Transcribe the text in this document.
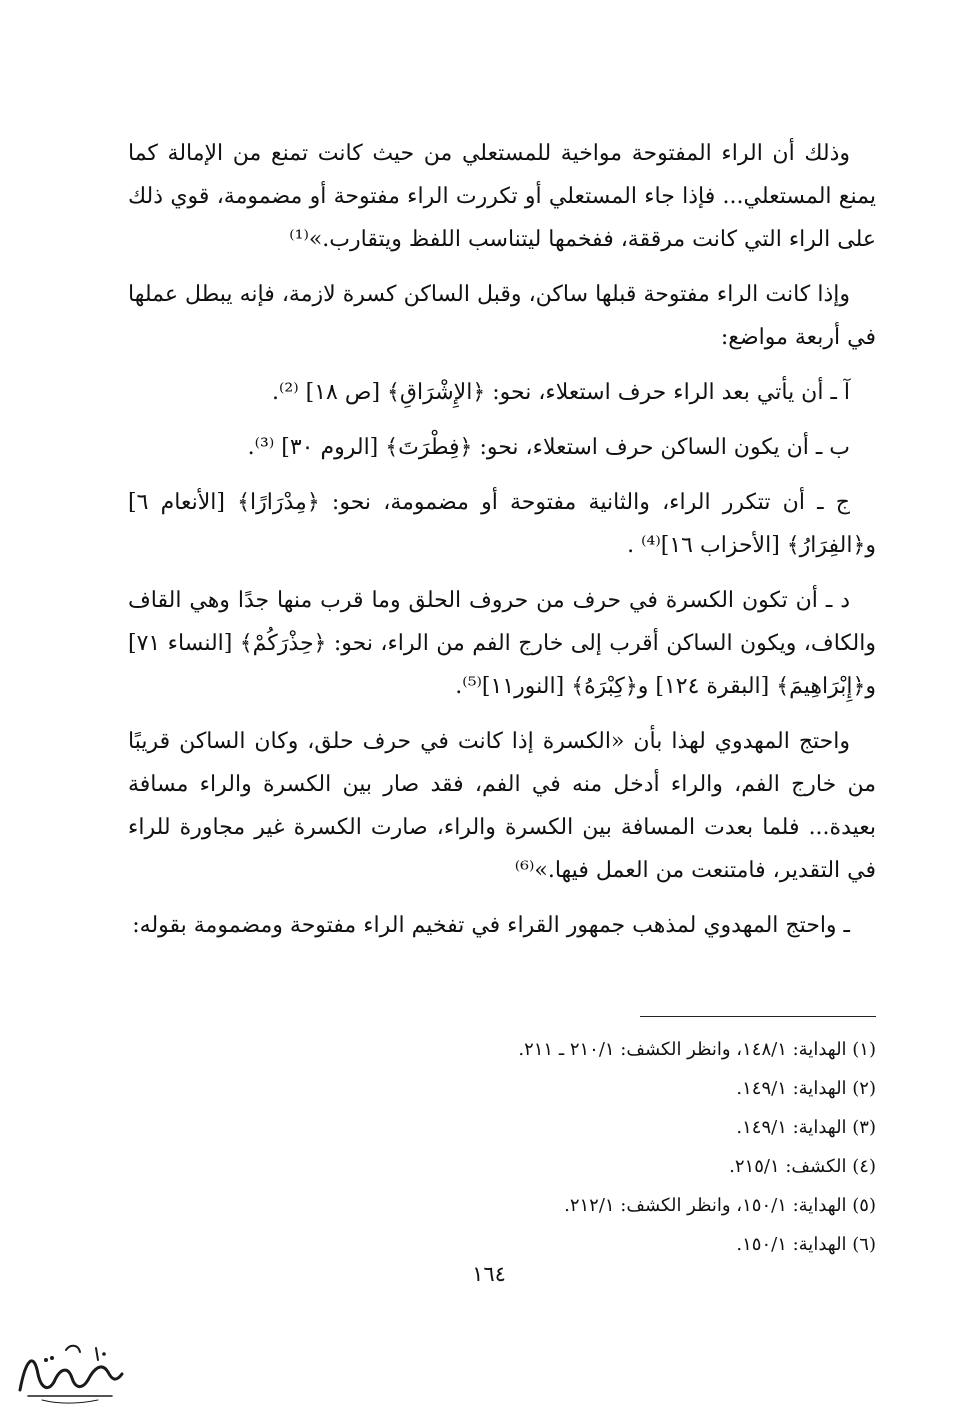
وذلك أن الراء المفتوحة مواخية للمستعلي من حيث كانت تمنع من الإمالة كما يمنع المستعلي... فإذا جاء المستعلي أو تكررت الراء مفتوحة أو مضمومة، قوي ذلك على الراء التي كانت مرققة، ففخمها ليتناسب اللفظ ويتقارب.»⁽¹⁾

وإذا كانت الراء مفتوحة قبلها ساكن، وقبل الساكن كسرة لازمة، فإنه يبطل عملها في أربعة مواضع:

آ ـ أن يأتي بعد الراء حرف استعلاء، نحو: ﴿الإِشْرَاقِ﴾ [ص ١٨] ⁽²⁾.

ب ـ أن يكون الساكن حرف استعلاء، نحو: ﴿فِطْرَتَ﴾ [الروم ٣٠] ⁽³⁾.

ج ـ أن تتكرر الراء، والثانية مفتوحة أو مضمومة، نحو: ﴿مِدْرَارًا﴾ [الأنعام ٦] و﴿الفِرَارُ﴾ [الأحزاب ١٦]⁽⁴⁾ .

د ـ أن تكون الكسرة في حرف من حروف الحلق وما قرب منها جدًا وهي القاف والكاف، ويكون الساكن أقرب إلى خارج الفم من الراء، نحو: ﴿حِذْرَكُمْ﴾ [النساء ٧١] و﴿إِبْرَاهِيمَ﴾ [البقرة ١٢٤] و﴿كِبْرَهُ﴾ [النور١١]⁽⁵⁾.

واحتج المهدوي لهذا بأن «الكسرة إذا كانت في حرف حلق، وكان الساكن قريبًا من خارج الفم، والراء أدخل منه في الفم، فقد صار بين الكسرة والراء مسافة بعيدة... فلما بعدت المسافة بين الكسرة والراء، صارت الكسرة غير مجاورة للراء في التقدير، فامتنعت من العمل فيها.»⁽⁶⁾

ـ واحتج المهدوي لمذهب جمهور القراء في تفخيم الراء مفتوحة ومضمومة بقوله:

(١) الهداية: ١٤٨/١، وانظر الكشف: ٢١٠/١ ـ ٢١١.
(٢) الهداية: ١٤٩/١.
(٣) الهداية: ١٤٩/١.
(٤) الكشف: ٢١٥/١.
(٥) الهداية: ١٥٠/١، وانظر الكشف: ٢١٢/١.
(٦) الهداية: ١٥٠/١.
١٦٤
